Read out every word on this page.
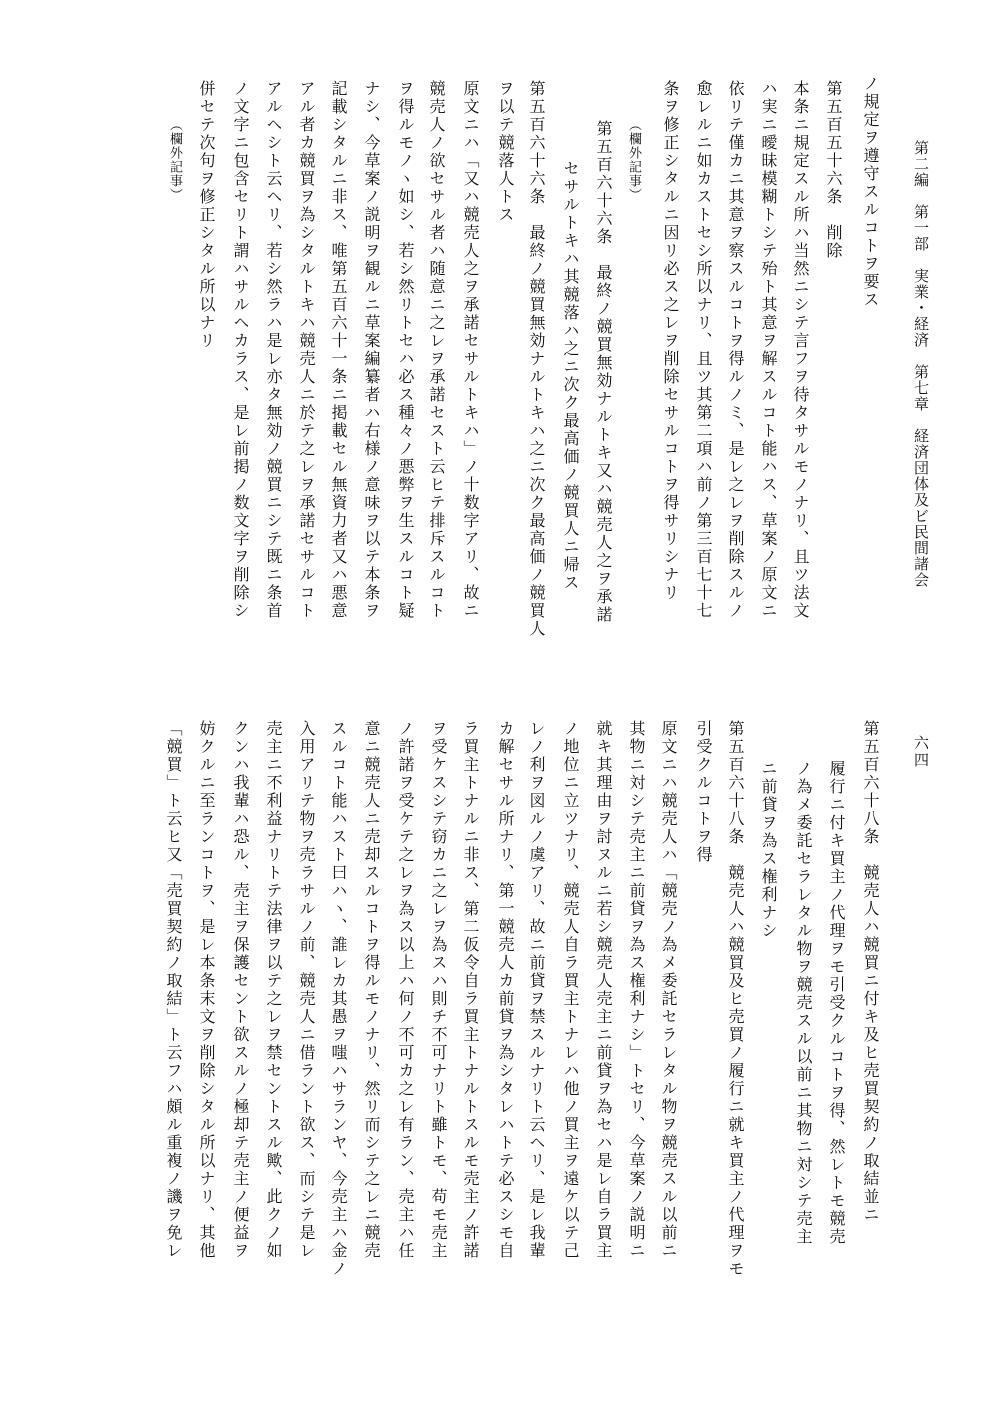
第二編　第一部　実業・経済　第七章　経済団体及ビ民間諸会
六四
ノ規定ヲ遵守スルコトヲ要ス
第五百五十六条　削除
本条ニ規定スル所ハ当然ニシテ言フヲ待タサルモノナリ、且ツ法文
ハ実ニ曖昧模糊トシテ殆ト其意ヲ解スルコト能ハス、草案ノ原文ニ
依リテ僅カニ其意ヲ察スルコトヲ得ルノミ、是レ之レヲ削除スルノ
愈レルニ如カストセシ所以ナリ、且ツ其第二項ハ前ノ第三百七十七
条ヲ修正シタルニ因リ必ス之レヲ削除セサルコトヲ得サリシナリ
（欄外記事）
第五百六十六条　最終ノ競買無効ナルトキ又ハ競売人之ヲ承諾
セサルトキハ其競落ハ之ニ次ク最高価ノ競買人ニ帰ス
第五百六十六条　最終ノ競買無効ナルトキハ之ニ次ク最高価ノ競買人
ヲ以テ競落人トス
原文ニハ「又ハ競売人之ヲ承諾セサルトキハ」ノ十数字アリ、故ニ
競売人ノ欲セサル者ハ随意ニ之レヲ承諾セスト云ヒテ排斥スルコト
ヲ得ルモノヽ如シ、若シ然リトセハ必ス種々ノ悪弊ヲ生スルコト疑
ナシ、今草案ノ説明ヲ観ルニ草案編纂者ハ右様ノ意味ヲ以テ本条ヲ
記載シタルニ非ス、唯第五百六十一条ニ掲載セル無資力者又ハ悪意
アル者カ競買ヲ為シタルトキハ競売人ニ於テ之レヲ承諾セサルコト
アルヘシト云ヘリ、若シ然ラハ是レ亦タ無効ノ競買ニシテ既ニ条首
ノ文字ニ包含セリト謂ハサルヘカラス、是レ前掲ノ数文字ヲ削除シ
併セテ次句ヲ修正シタル所以ナリ
（欄外記事）
第五百六十八条　競売人ハ競買ニ付キ及ヒ売買契約ノ取結並ニ
履行ニ付キ買主ノ代理ヲモ引受クルコトヲ得、然レトモ競売
ノ為メ委託セラレタル物ヲ競売スル以前ニ其物ニ対シテ売主
ニ前貸ヲ為ス権利ナシ
第五百六十八条　競売人ハ競買及ヒ売買ノ履行ニ就キ買主ノ代理ヲモ
引受クルコトヲ得
原文ニハ競売人ハ「競売ノ為メ委託セラレタル物ヲ競売スル以前ニ
其物ニ対シテ売主ニ前貸ヲ為ス権利ナシ」トセリ、今草案ノ説明ニ
就キ其理由ヲ討ヌルニ若シ競売人売主ニ前貸ヲ為セハ是レ自ラ買主
ノ地位ニ立ツナリ、競売人自ラ買主トナレハ他ノ買主ヲ遠ケ以テ己
レノ利ヲ図ルノ虞アリ、故ニ前貸ヲ禁スルナリト云ヘリ、是レ我輩
カ解セサル所ナリ、第一競売人カ前貸ヲ為シタレハトテ必スシモ自
ラ買主トナルニ非ス、第二仮令自ラ買主トナルトスルモ売主ノ許諾
ヲ受ケスシテ窃カニ之レヲ為スハ則チ不可ナリト雖トモ、苟モ売主
ノ許諾ヲ受ケテ之レヲ為ス以上ハ何ノ不可カ之レ有ラン、売主ハ任
意ニ競売人ニ売却スルコトヲ得ルモノナリ、然リ而シテ之レニ競売
スルコト能ハスト曰ハヽ、誰レカ其愚ヲ嗤ハサランヤ、今売主ハ金ノ
入用アリテ物ヲ売ラサルノ前、競売人ニ借ラント欲ス、而シテ是レ
売主ニ不利益ナリトテ法律ヲ以テ之レヲ禁セントスル歟、此クノ如
クンハ我輩ハ恐ル、売主ヲ保護セント欲スルノ極却テ売主ノ便益ヲ
妨クルニ至ランコトヲ、是レ本条末文ヲ削除シタル所以ナリ、其他
「競買」ト云ヒ又「売買契約ノ取結」ト云フハ頗ル重複ノ譏ヲ免レ
